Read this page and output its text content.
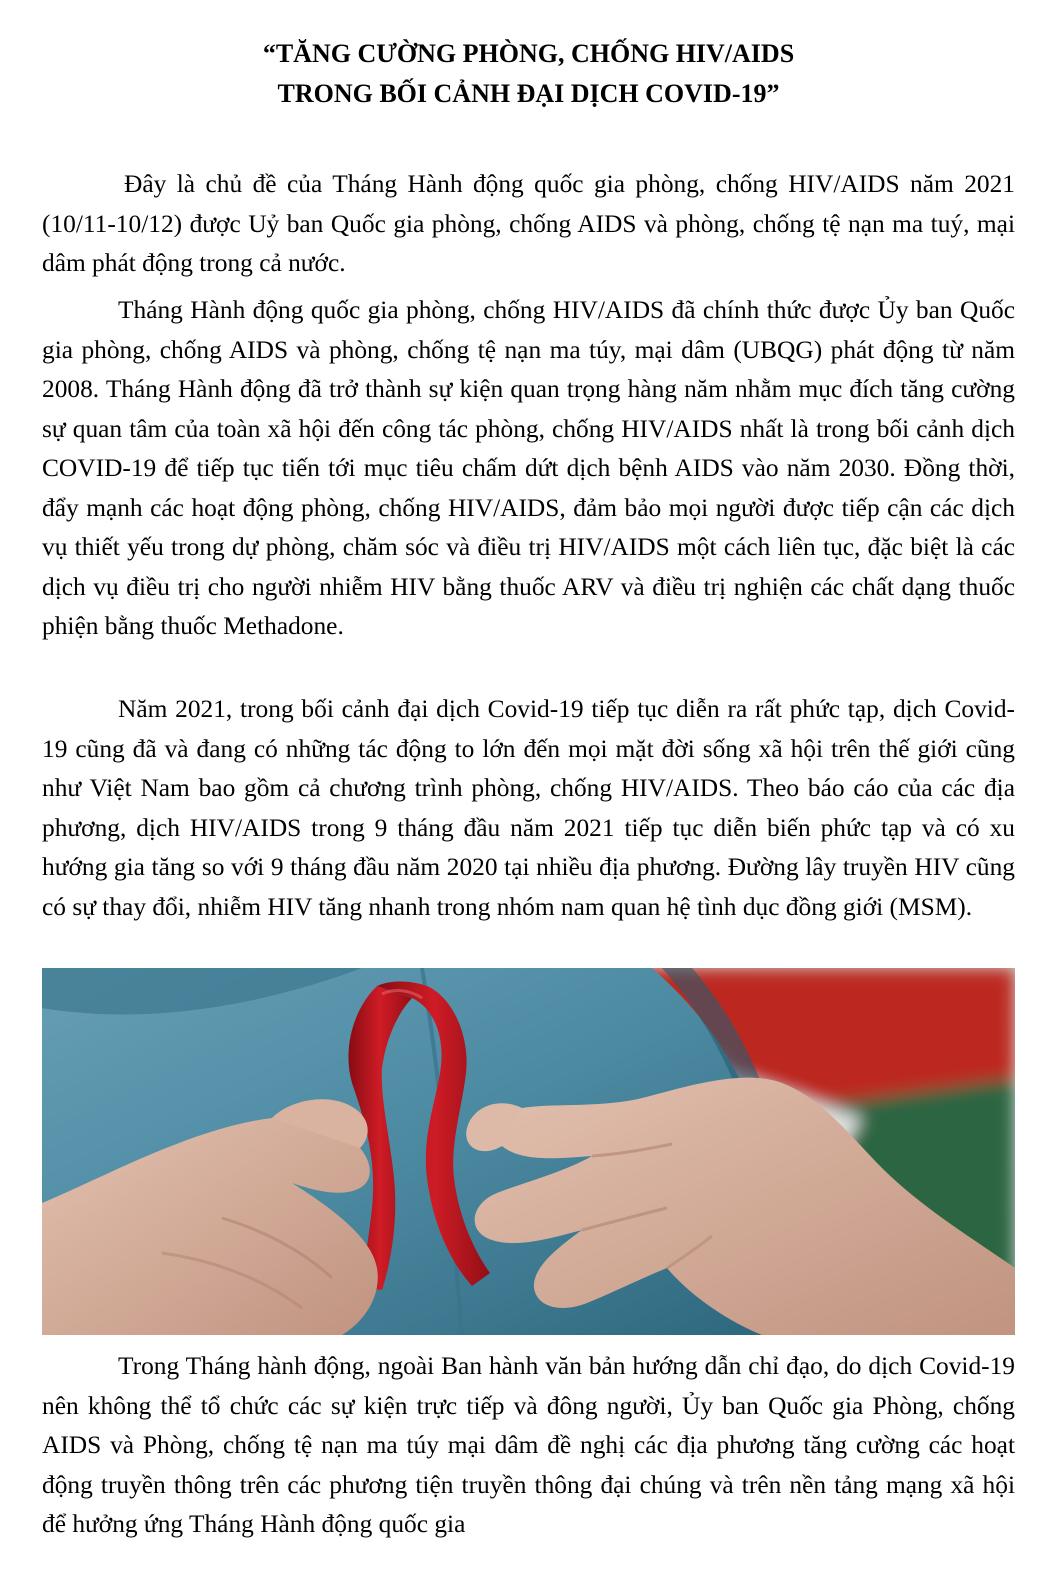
“TĂNG CƯỜNG PHÒNG, CHỐNG HIV/AIDS
TRONG BỐI CẢNH ĐẠI DỊCH COVID-19”

Đây là chủ đề của Tháng Hành động quốc gia phòng, chống HIV/AIDS năm 2021 (10/11-10/12) được Uỷ ban Quốc gia phòng, chống AIDS và phòng, chống tệ nạn ma tuý, mại dâm phát động trong cả nước.

Tháng Hành động quốc gia phòng, chống HIV/AIDS đã chính thức được Ủy ban Quốc gia phòng, chống AIDS và phòng, chống tệ nạn ma túy, mại dâm (UBQG) phát động từ năm 2008. Tháng Hành động đã trở thành sự kiện quan trọng hàng năm nhằm mục đích tăng cường sự quan tâm của toàn xã hội đến công tác phòng, chống HIV/AIDS nhất là trong bối cảnh dịch COVID-19 để tiếp tục tiến tới mục tiêu chấm dứt dịch bệnh AIDS vào năm 2030. Đồng thời, đẩy mạnh các hoạt động phòng, chống HIV/AIDS, đảm bảo mọi người được tiếp cận các dịch vụ thiết yếu trong dự phòng, chăm sóc và điều trị HIV/AIDS một cách liên tục, đặc biệt là các dịch vụ điều trị cho người nhiễm HIV bằng thuốc ARV và điều trị nghiện các chất dạng thuốc phiện bằng thuốc Methadone.

Năm 2021, trong bối cảnh đại dịch Covid-19 tiếp tục diễn ra rất phức tạp, dịch Covid-19 cũng đã và đang có những tác động to lớn đến mọi mặt đời sống xã hội trên thế giới cũng như Việt Nam bao gồm cả chương trình phòng, chống HIV/AIDS. Theo báo cáo của các địa phương, dịch HIV/AIDS trong 9 tháng đầu năm 2021 tiếp tục diễn biến phức tạp và có xu hướng gia tăng so với 9 tháng đầu năm 2020 tại nhiều địa phương. Đường lây truyền HIV cũng có sự thay đổi, nhiễm HIV tăng nhanh trong nhóm nam quan hệ tình dục đồng giới (MSM).

Trong Tháng hành động, ngoài Ban hành văn bản hướng dẫn chỉ đạo, do dịch Covid-19 nên không thể tổ chức các sự kiện trực tiếp và đông người, Ủy ban Quốc gia Phòng, chống AIDS và Phòng, chống tệ nạn ma túy mại dâm đề nghị các địa phương tăng cường các hoạt động truyền thông trên các phương tiện truyền thông đại chúng và trên nền tảng mạng xã hội để hưởng ứng Tháng Hành động quốc gia
